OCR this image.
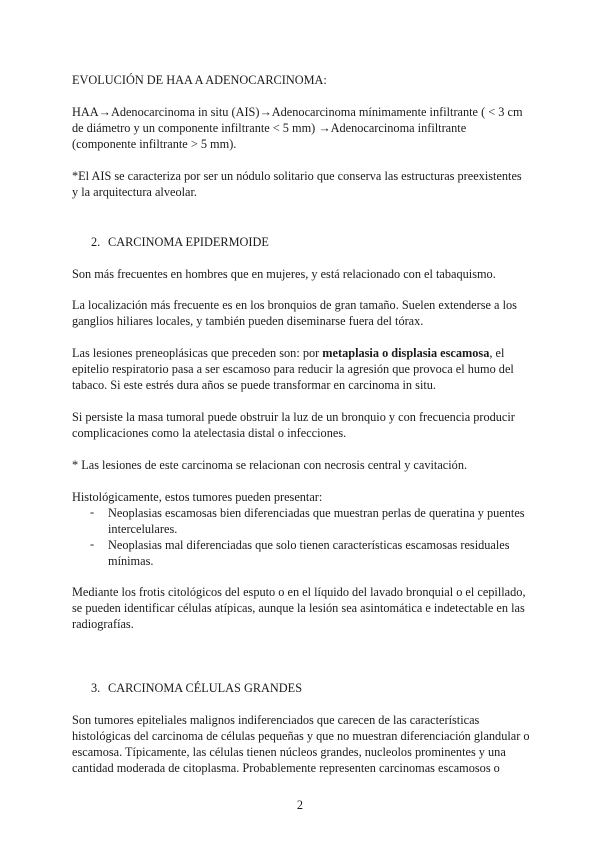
EVOLUCIÓN DE HAA A ADENOCARCINOMA:

HAA→Adenocarcinoma in situ (AIS)→Adenocarcinoma mínimamente infiltrante ( < 3 cm de diámetro y un componente infiltrante < 5 mm) →Adenocarcinoma infiltrante (componente infiltrante > 5 mm).

*El AIS se caracteriza por ser un nódulo solitario que conserva las estructuras preexistentes y la arquitectura alveolar.

2. CARCINOMA EPIDERMOIDE

Son más frecuentes en hombres que en mujeres, y está relacionado con el tabaquismo.

La localización más frecuente es en los bronquios de gran tamaño. Suelen extenderse a los ganglios hiliares locales, y también pueden diseminarse fuera del tórax.

Las lesiones preneoplásicas que preceden son: por metaplasia o displasia escamosa, el epitelio respiratorio pasa a ser escamoso para reducir la agresión que provoca el humo del tabaco. Si este estrés dura años se puede transformar en carcinoma in situ.

Si persiste la masa tumoral puede obstruir la luz de un bronquio y con frecuencia producir complicaciones como la atelectasia distal o infecciones.

* Las lesiones de este carcinoma se relacionan con necrosis central y cavitación.

Histológicamente, estos tumores pueden presentar:

- Neoplasias escamosas bien diferenciadas que muestran perlas de queratina y puentes intercelulares.
- Neoplasias mal diferenciadas que solo tienen características escamosas residuales mínimas.

Mediante los frotis citológicos del esputo o en el líquido del lavado bronquial o el cepillado, se pueden identificar células atípicas, aunque la lesión sea asintomática e indetectable en las radiografías.

3. CARCINOMA CÉLULAS GRANDES

Son tumores epiteliales malignos indiferenciados que carecen de las características histológicas del carcinoma de células pequeñas y que no muestran diferenciación glandular o escamosa. Típicamente, las células tienen núcleos grandes, nucleolos prominentes y una cantidad moderada de citoplasma. Probablemente representen carcinomas escamosos o

2
